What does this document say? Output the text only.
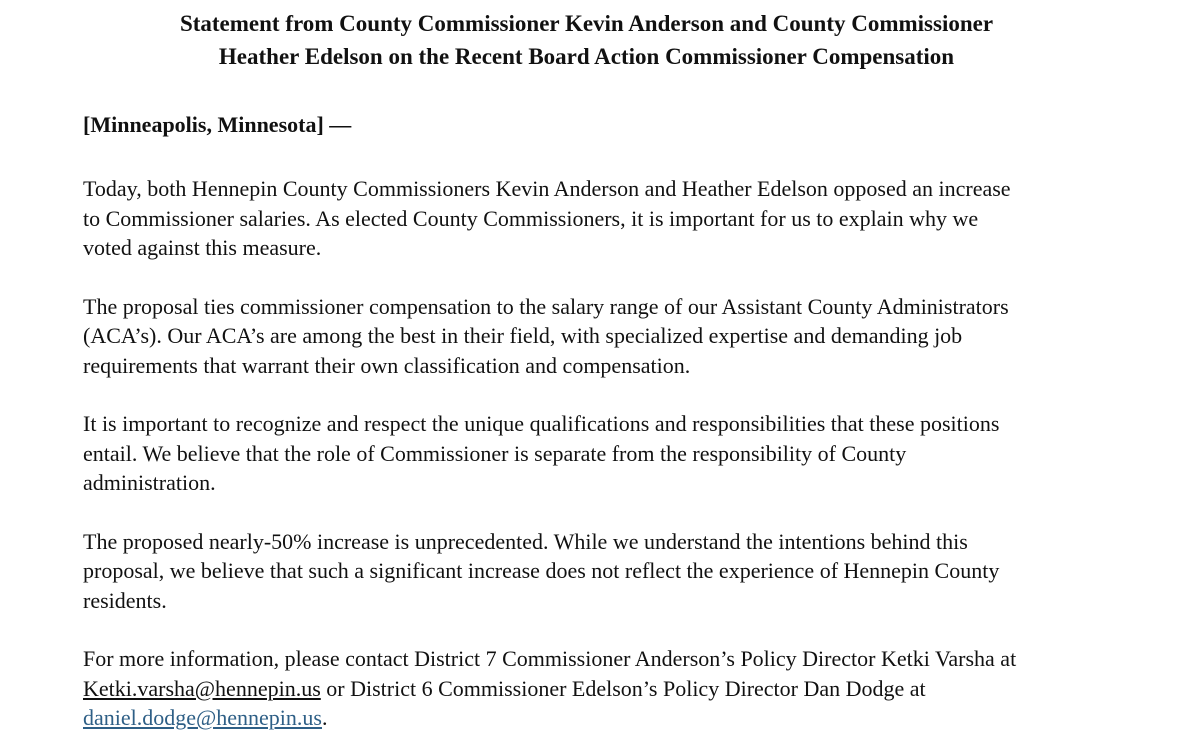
Statement from County Commissioner Kevin Anderson and County Commissioner
Heather Edelson on the Recent Board Action Commissioner Compensation

[Minneapolis, Minnesota] —

Today, both Hennepin County Commissioners Kevin Anderson and Heather Edelson opposed an increase
to Commissioner salaries. As elected County Commissioners, it is important for us to explain why we
voted against this measure.

The proposal ties commissioner compensation to the salary range of our Assistant County Administrators
(ACA’s). Our ACA’s are among the best in their field, with specialized expertise and demanding job
requirements that warrant their own classification and compensation.

It is important to recognize and respect the unique qualifications and responsibilities that these positions
entail. We believe that the role of Commissioner is separate from the responsibility of County
administration.

The proposed nearly-50% increase is unprecedented. While we understand the intentions behind this
proposal, we believe that such a significant increase does not reflect the experience of Hennepin County
residents.

For more information, please contact District 7 Commissioner Anderson’s Policy Director Ketki Varsha at
Ketki.varsha@hennepin.us or District 6 Commissioner Edelson’s Policy Director Dan Dodge at
daniel.dodge@hennepin.us.
